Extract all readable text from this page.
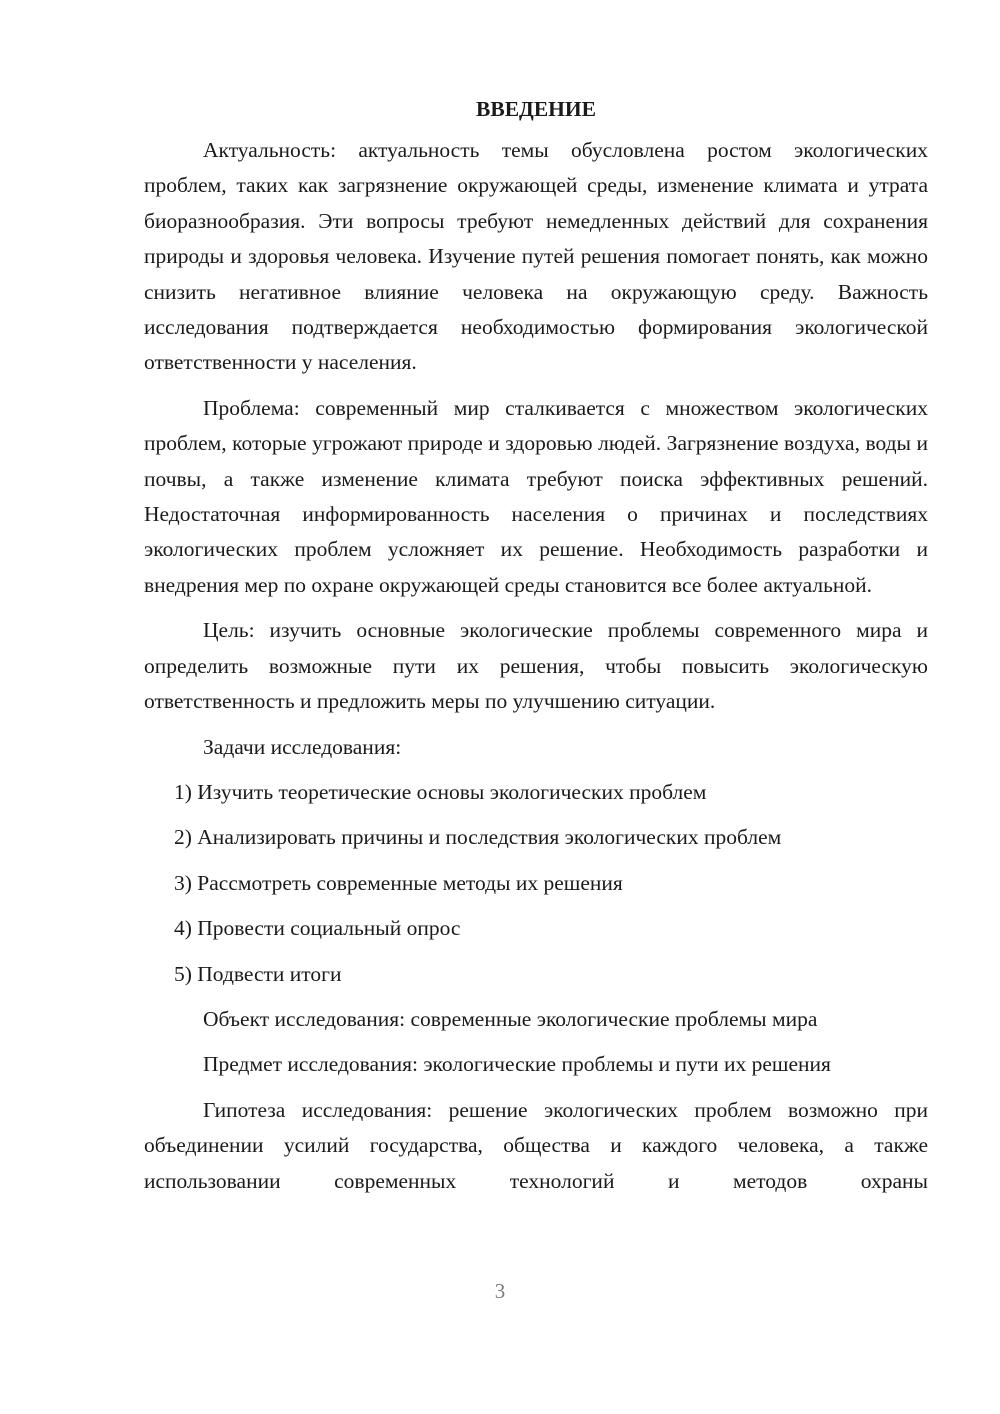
ВВЕДЕНИЕ

Актуальность: актуальность темы обусловлена ростом экологических проблем, таких как загрязнение окружающей среды, изменение климата и утрата биоразнообразия. Эти вопросы требуют немедленных действий для сохранения природы и здоровья человека. Изучение путей решения помогает понять, как можно снизить негативное влияние человека на окружающую среду. Важность исследования подтверждается необходимостью формирования экологической ответственности у населения.

Проблема: современный мир сталкивается с множеством экологических проблем, которые угрожают природе и здоровью людей. Загрязнение воздуха, воды и почвы, а также изменение климата требуют поиска эффективных решений. Недостаточная информированность населения о причинах и последствиях экологических проблем усложняет их решение. Необходимость разработки и внедрения мер по охране окружающей среды становится все более актуальной.

Цель: изучить основные экологические проблемы современного мира и определить возможные пути их решения, чтобы повысить экологическую ответственность и предложить меры по улучшению ситуации.

Задачи исследования:
1) Изучить теоретические основы экологических проблем
2) Анализировать причины и последствия экологических проблем
3) Рассмотреть современные методы их решения
4) Провести социальный опрос
5) Подвести итоги
Объект исследования: современные экологические проблемы мира
Предмет исследования: экологические проблемы и пути их решения

Гипотеза исследования: решение экологических проблем возможно при объединении усилий государства, общества и каждого человека, а также использовании современных технологий и методов охраны

3
